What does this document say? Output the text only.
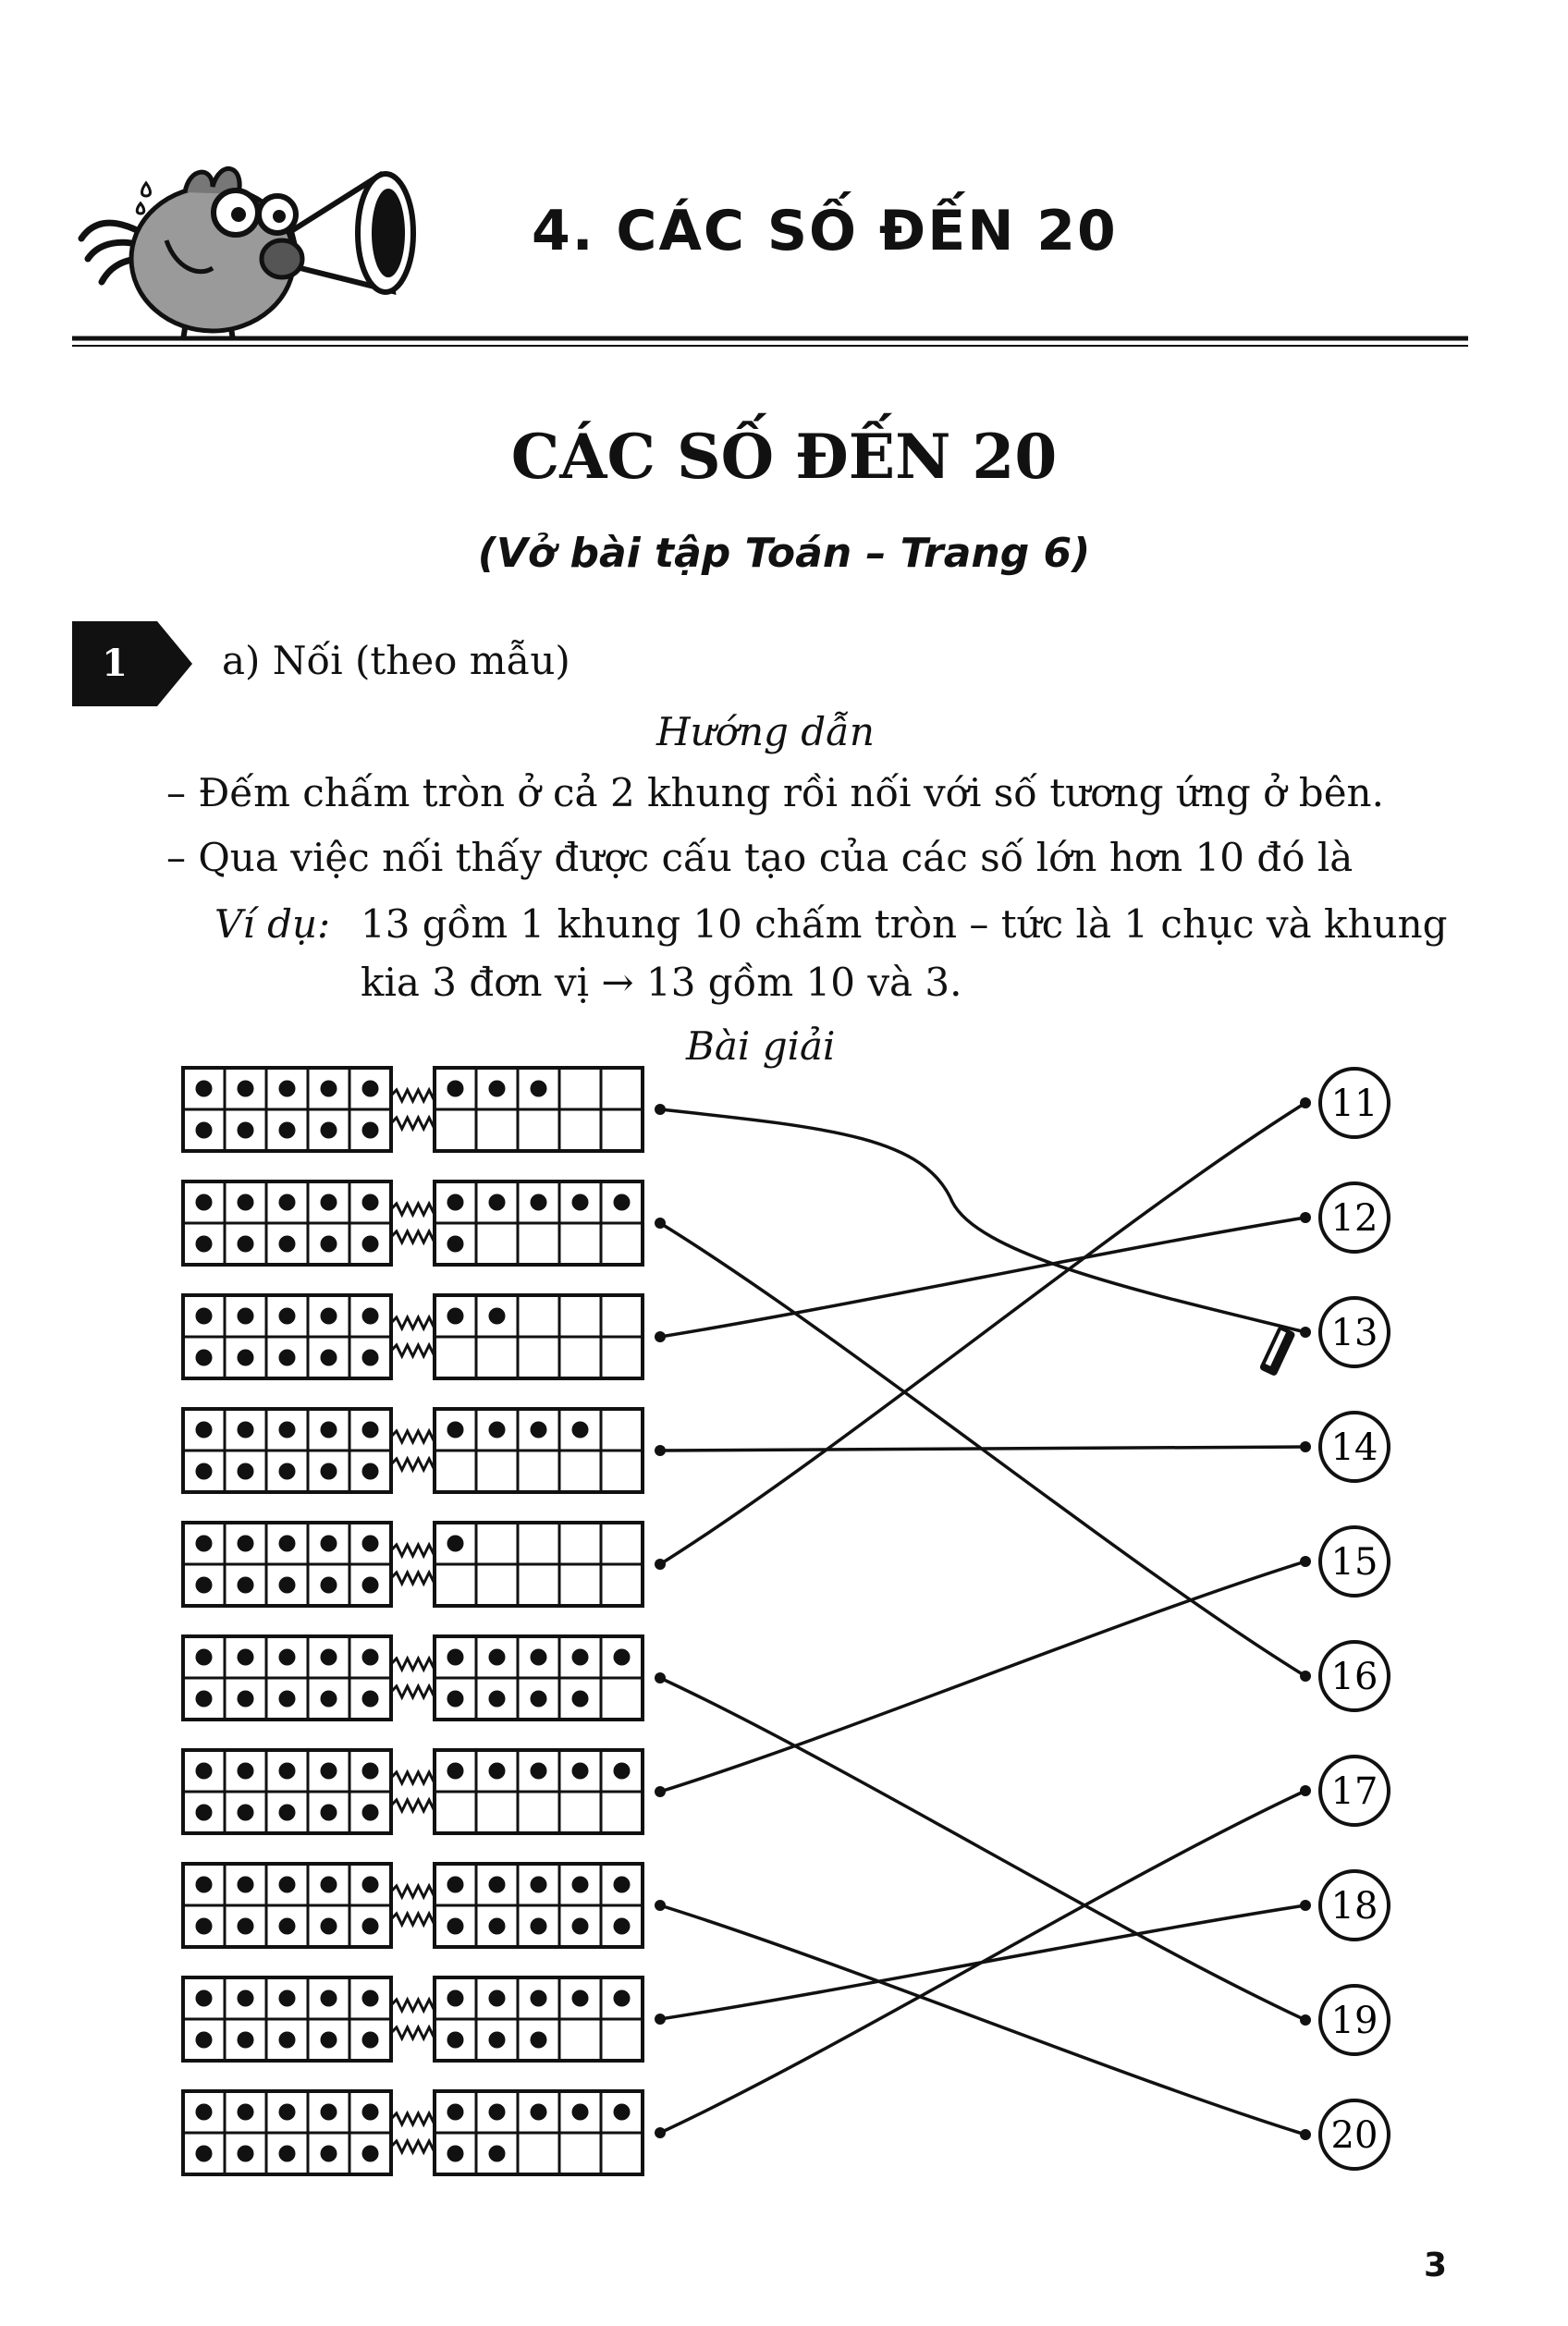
4. CÁC SỐ ĐẾN 20
CÁC SỐ ĐẾN 20
(Vở bài tập Toán – Trang 6)
1	a) Nối (theo mẫu)
Hướng dẫn
– Đếm chấm tròn ở cả 2 khung rồi nối với số tương ứng ở bên.
– Qua việc nối thấy được cấu tạo của các số lớn hơn 10 đó là
Ví dụ: 13 gồm 1 khung 10 chấm tròn – tức là 1 chục và khung
kia 3 đơn vị → 13 gồm 10 và 3.
Bài giải
11
12
13
14
15
16
17
18
19
20
3
